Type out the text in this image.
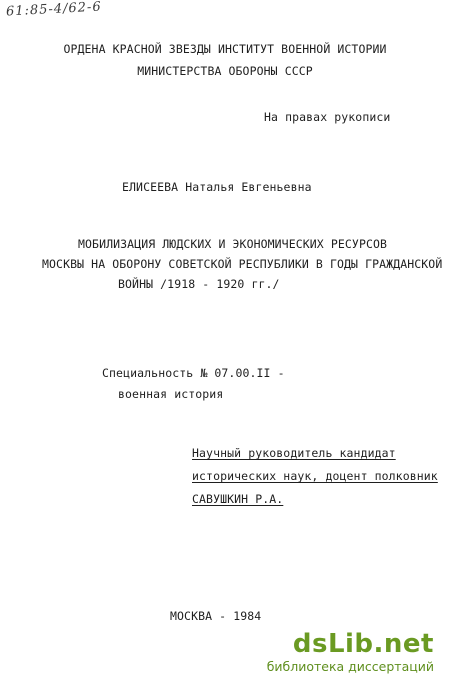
61:85-4/62-6
ОРДЕНА КРАСНОЙ ЗВЕЗДЫ ИНСТИТУТ ВОЕННОЙ ИСТОРИИ
МИНИСТЕРСТВА ОБОРОНЫ СССР
На правах рукописи
ЕЛИСЕЕВА Наталья Евгеньевна
МОБИЛИЗАЦИЯ ЛЮДСКИХ И ЭКОНОМИЧЕСКИХ РЕСУРСОВ
МОСКВЫ НА ОБОРОНУ СОВЕТСКОЙ РЕСПУБЛИКИ В ГОДЫ ГРАЖДАНСКОЙ
ВОЙНЫ /1918 - 1920 гг./
Специальность № 07.00.II -
военная история
Научный руководитель кандидат
исторических наук, доцент полковник
САВУШКИН Р.А.
МОСКВА - 1984
dsLib.net
библиотека диссертаций
